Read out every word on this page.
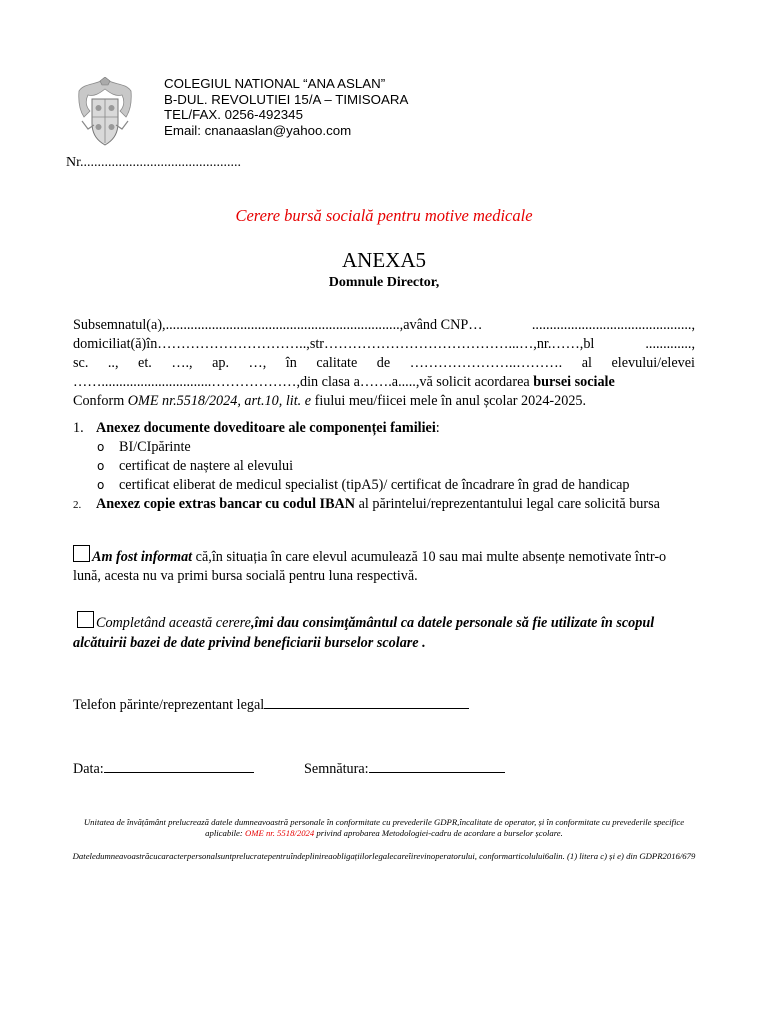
COLEGIUL NATIONAL “ANA ASLAN”
B-DUL. REVOLUTIEI 15/A – TIMISOARA
TEL/FAX. 0256-492345
Email: cnanaaslan@yahoo.com
Nr..............................................
Cerere bursă socială pentru motive medicale
ANEXA5
Domnule Director,
Subsemnatul(a),..................................................................,având CNP…	.............................................,
domiciliat(ă)în…………………………..,str…………………………………...…,nr.……,bl	.............,
sc. .., et. …., ap. …, în calitate de …………………..………. al elevului/elevei
……...............................………………,din clasa a…….a.....,vă solicit acordarea bursei sociale
Conform OME nr.5518/2024, art.10, lit. e fiului meu/fiicei mele în anul școlar 2024-2025.
1. Anexez documente doveditoare ale componenței familiei:
o BI/CIpărinte
o certificat de naștere al elevului
o certificat eliberat de medicul specialist (tipA5)/ certificat de încadrare în grad de handicap
2. Anexez copie extras bancar cu codul IBAN al părintelui/reprezentantului legal care solicită bursa
Am fost informat că,în situația în care elevul acumulează 10 sau mai multe absențe nemotivate într-o lună, acesta nu va primi bursa socială pentru luna respectivă.
Completând această cerere,îmi dau consimţământul ca datele personale să fie utilizate în scopul alcătuirii bazei de date privind beneficiarii burselor scolare .
Telefon părinte/reprezentant legal
Data:	Semnătura:
Unitatea de învățământ prelucrează datele dumneavoastră personale în conformitate cu prevederile GDPR,încalitate de operator, și în conformitate cu prevederile specifice aplicabile: OME nr. 5518/2024 privind aprobarea Metodologiei-cadru de acordare a burselor școlare.
Dateledumneavoastrăcucaracterpersonalsuntprelucratepentruîndeplinireaobligațiilorlegalecareîirevinoperatorului, conformarticolului6alin. (1) litera c) și e) din GDPR2016/679
